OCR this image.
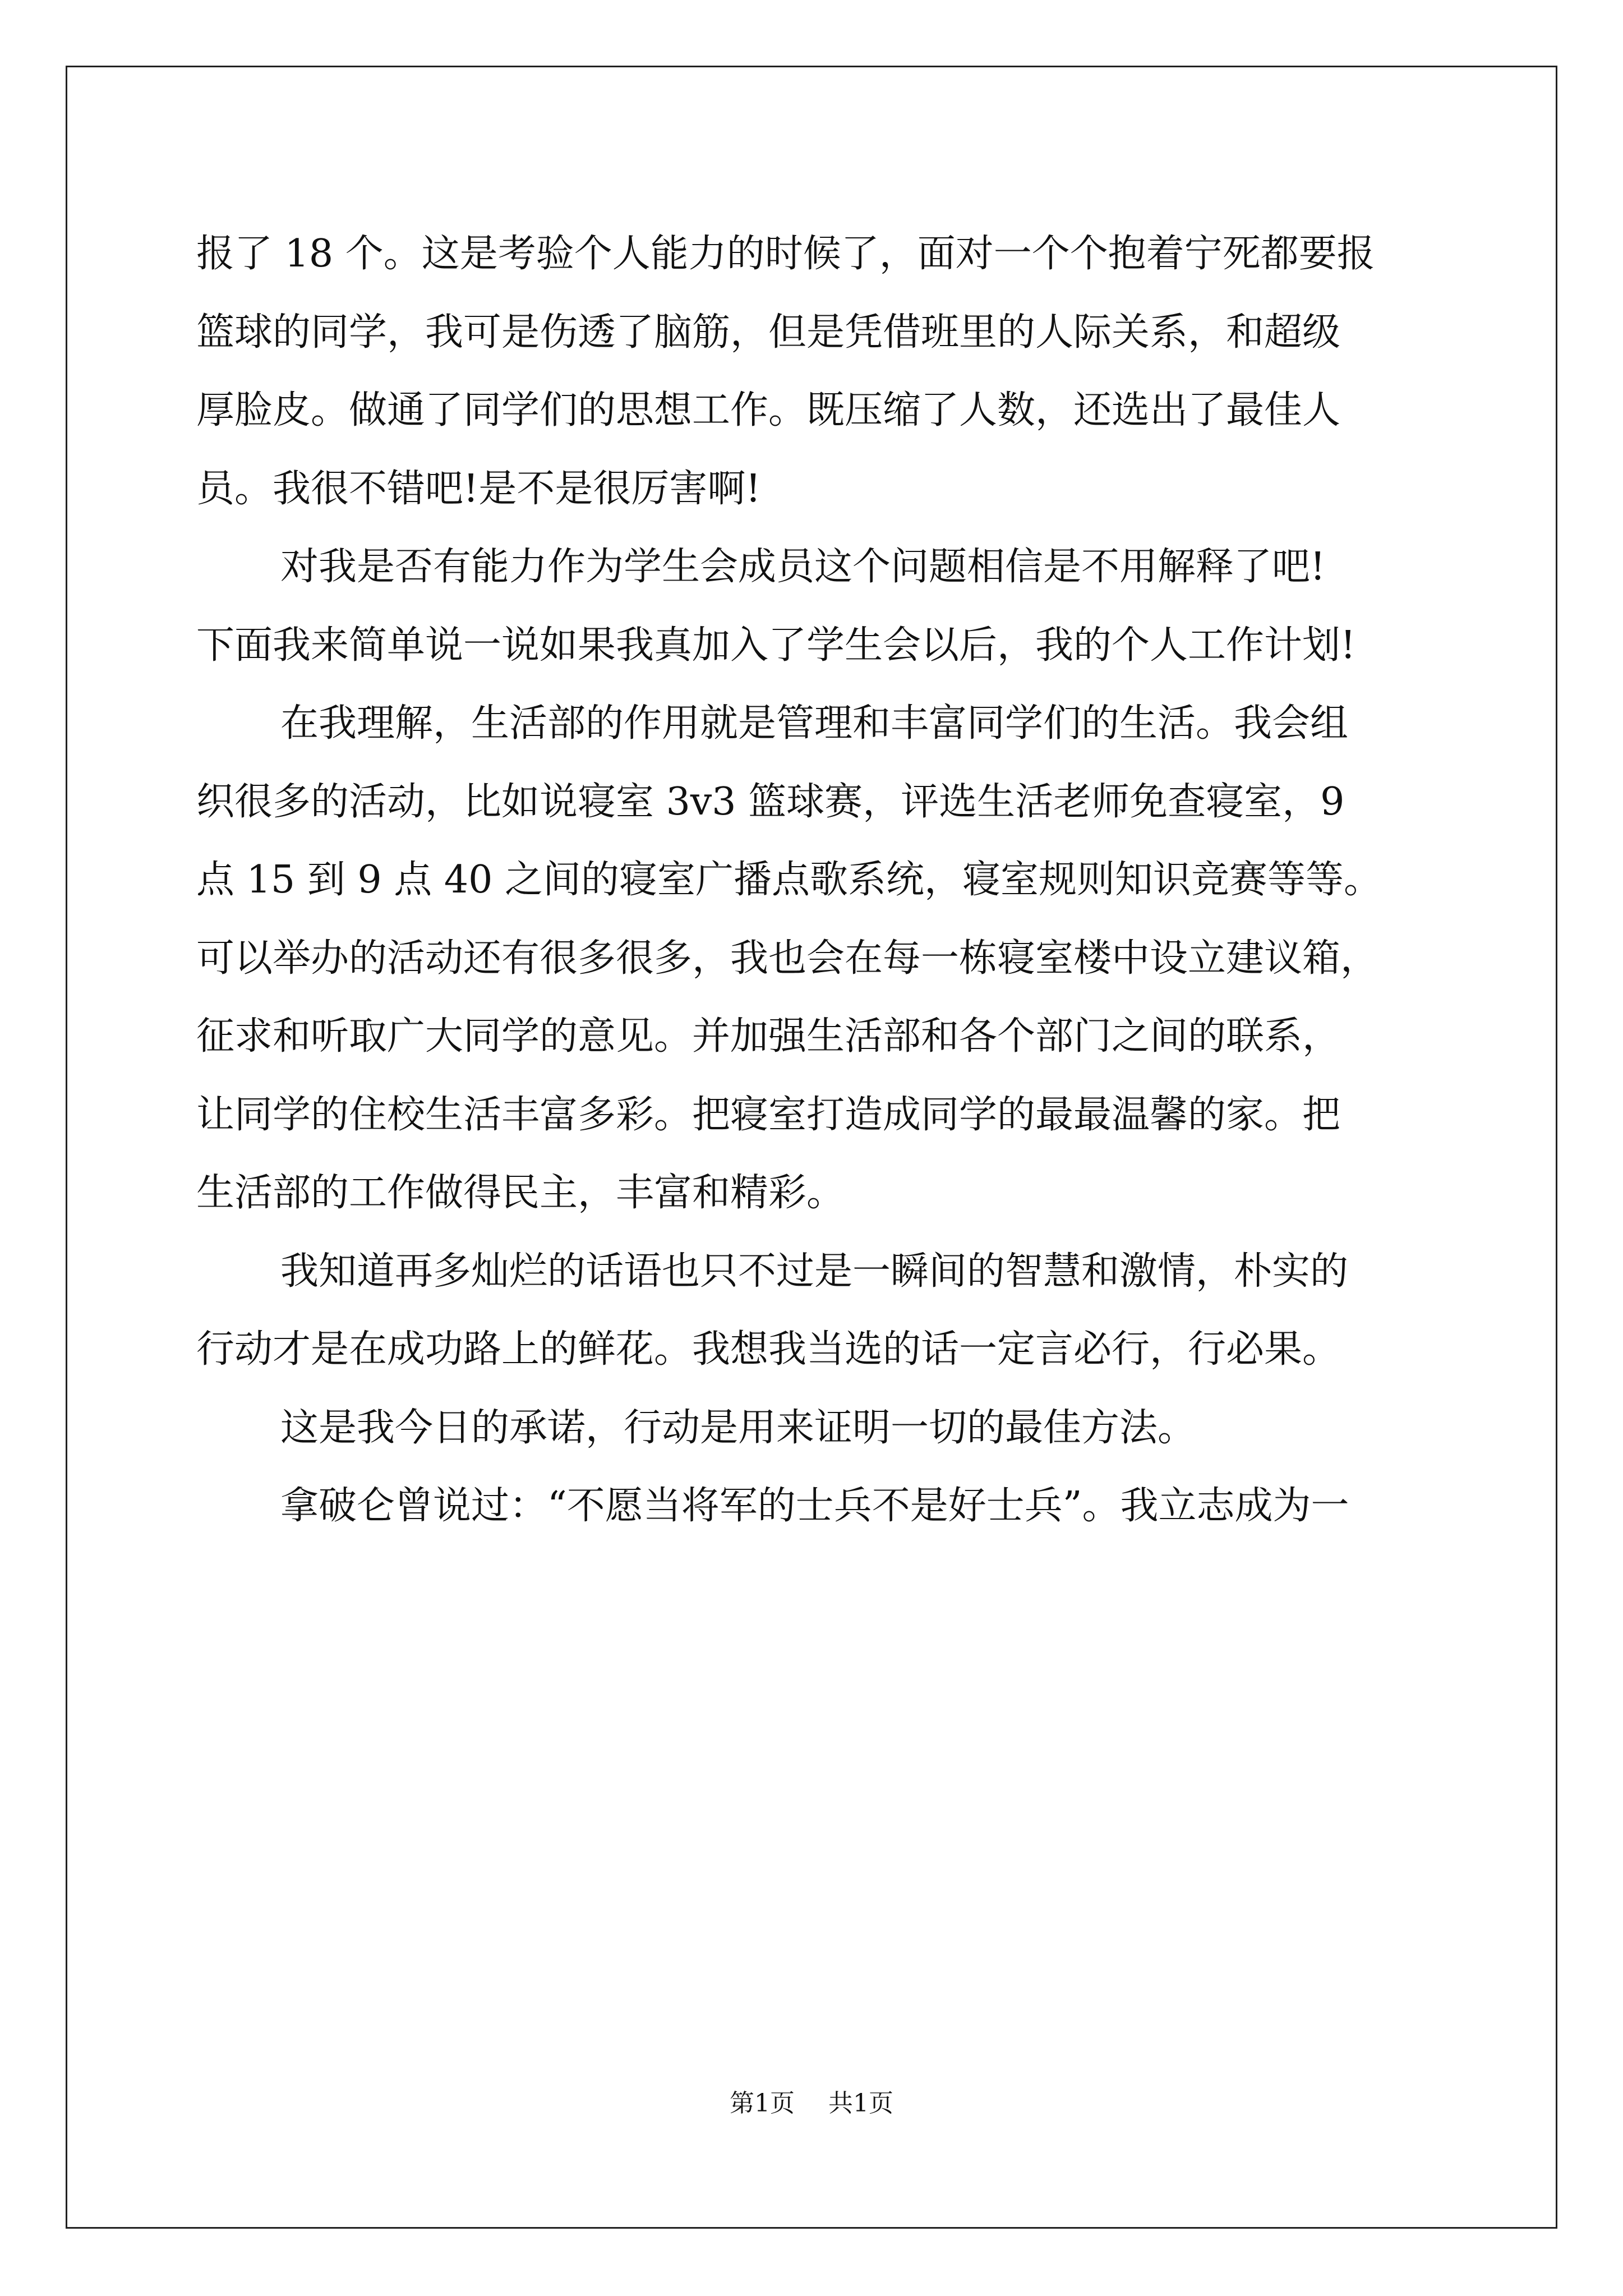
报了 18 个。这是考验个人能力的时候了，面对一个个抱着宁死都要报
篮球的同学，我可是伤透了脑筋，但是凭借班里的人际关系，和超级
厚脸皮。做通了同学们的思想工作。既压缩了人数，还选出了最佳人
员。我很不错吧!是不是很厉害啊!
对我是否有能力作为学生会成员这个问题相信是不用解释了吧!
下面我来简单说一说如果我真加入了学生会以后，我的个人工作计划!
在我理解，生活部的作用就是管理和丰富同学们的生活。我会组
织很多的活动，比如说寝室 3v3 篮球赛，评选生活老师免查寝室，9
点 15 到 9 点 40 之间的寝室广播点歌系统，寝室规则知识竞赛等等。
可以举办的活动还有很多很多，我也会在每一栋寝室楼中设立建议箱，
征求和听取广大同学的意见。并加强生活部和各个部门之间的联系，
让同学的住校生活丰富多彩。把寝室打造成同学的最最温馨的家。把
生活部的工作做得民主，丰富和精彩。
我知道再多灿烂的话语也只不过是一瞬间的智慧和激情，朴实的
行动才是在成功路上的鲜花。我想我当选的话一定言必行，行必果。
这是我今日的承诺，行动是用来证明一切的最佳方法。
拿破仑曾说过：“不愿当将军的士兵不是好士兵”。我立志成为一
第1页 共1页
